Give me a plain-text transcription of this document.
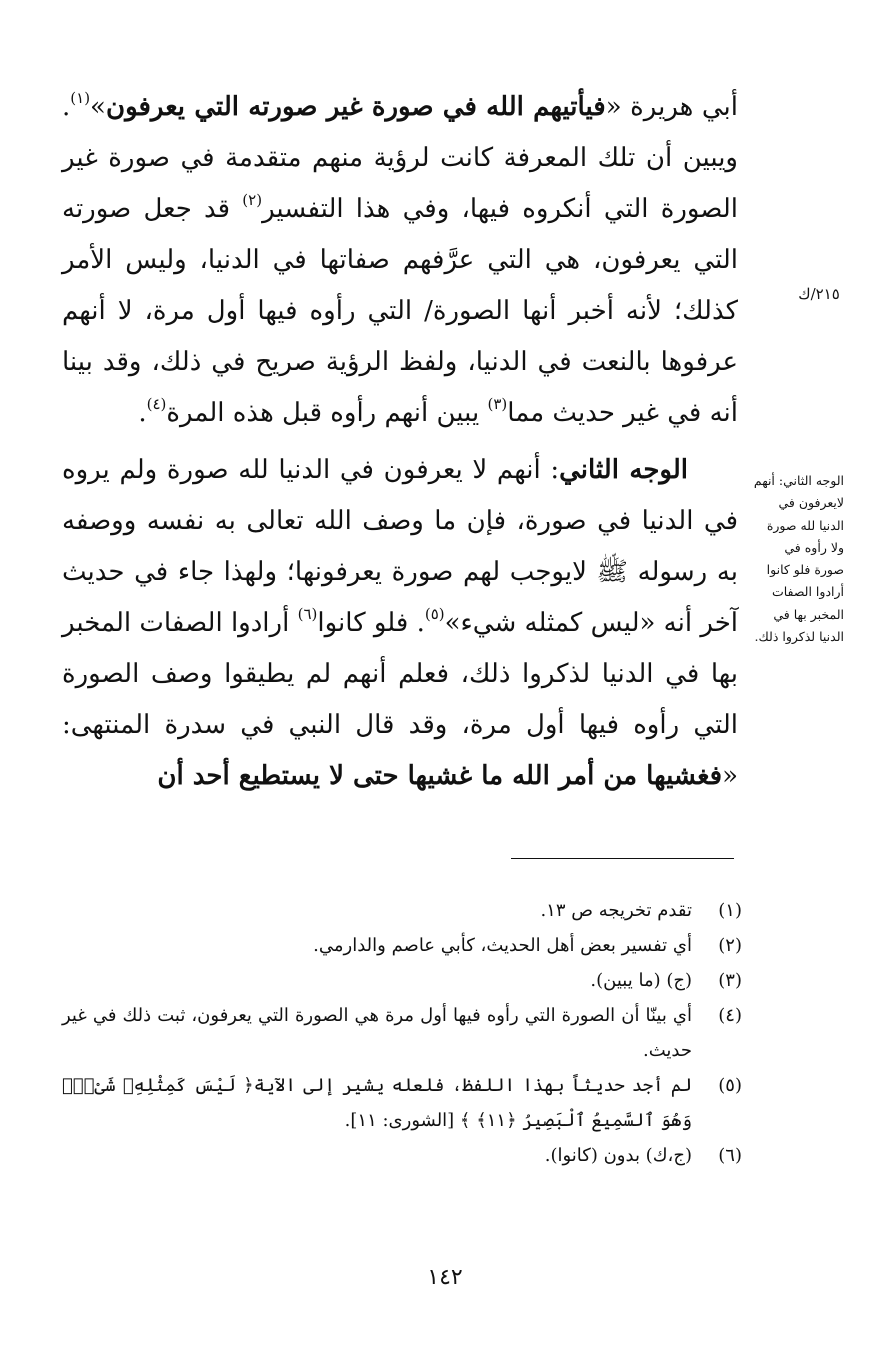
أبي هريرة «فيأتيهم الله في صورة غير صورته التي يعرفون»$^{(١)}$. ويبين أن تلك المعرفة كانت لرؤية منهم متقدمة في صورة غير الصورة التي أنكروه فيها، وفي هذا التفسير$^{(٢)}$ قد جعل صورته التي يعرفون، هي التي عرَّفهم صفاتها في الدنيا، وليس الأمر كذلك؛ لأنه أخبر أنها الصورة/ التي رأوه فيها أول مرة، لا أنهم عرفوها بالنعت في الدنيا، ولفظ الرؤية صريح في ذلك، وقد بينا أنه في غير حديث مما$^{(٣)}$ يبين أنهم رأوه قبل هذه المرة$^{(٤)}$.

الوجه الثاني: أنهم لا يعرفون في الدنيا لله صورة ولم يروه في الدنيا في صورة، فإن ما وصف الله تعالى به نفسه ووصفه به رسوله ﷺ لايوجب لهم صورة يعرفونها؛ ولهذا جاء في حديث آخر أنه «ليس كمثله شيء»$^{(٥)}$. فلو كانوا$^{(٦)}$ أرادوا الصفات المخبر بها في الدنيا لذكروا ذلك، فعلم أنهم لم يطيقوا وصف الصورة التي رأوه فيها أول مرة، وقد قال النبي في سدرة المنتهى: «فغشيها من أمر الله ما غشيها حتى لا يستطيع أحد أن

٢١٥/ك
الوجه الثاني: أنهم لايعرفون في الدنيا لله صورة ولا رأوه في صورة فلو كانوا أرادوا الصفات المخبر بها في الدنيا لذكروا ذلك.
(١)
تقدم تخريجه ص ١٣.
(٢)
أي تفسير بعض أهل الحديث، كأبي عاصم والدارمي.
(٣)
(ج) (ما يبين).
(٤)
أي بينّا أن الصورة التي رأوه فيها أول مرة هي الصورة التي يعرفون، ثبت ذلك في غير حديث.
(٥)
لم أجد حديثاً بهذا اللفظ، فلعله يشير إلى الآية﴿ لَيْسَ كَمِثْلِهِۦ شَىْءٌۖ وَهُوَ ٱلسَّمِيعُ ٱلْبَصِيرُ ﴿١١﴾ ﴾ [الشورى: ١١].
(٦)
(ج،ك) بدون (كانوا).
١٤٢
